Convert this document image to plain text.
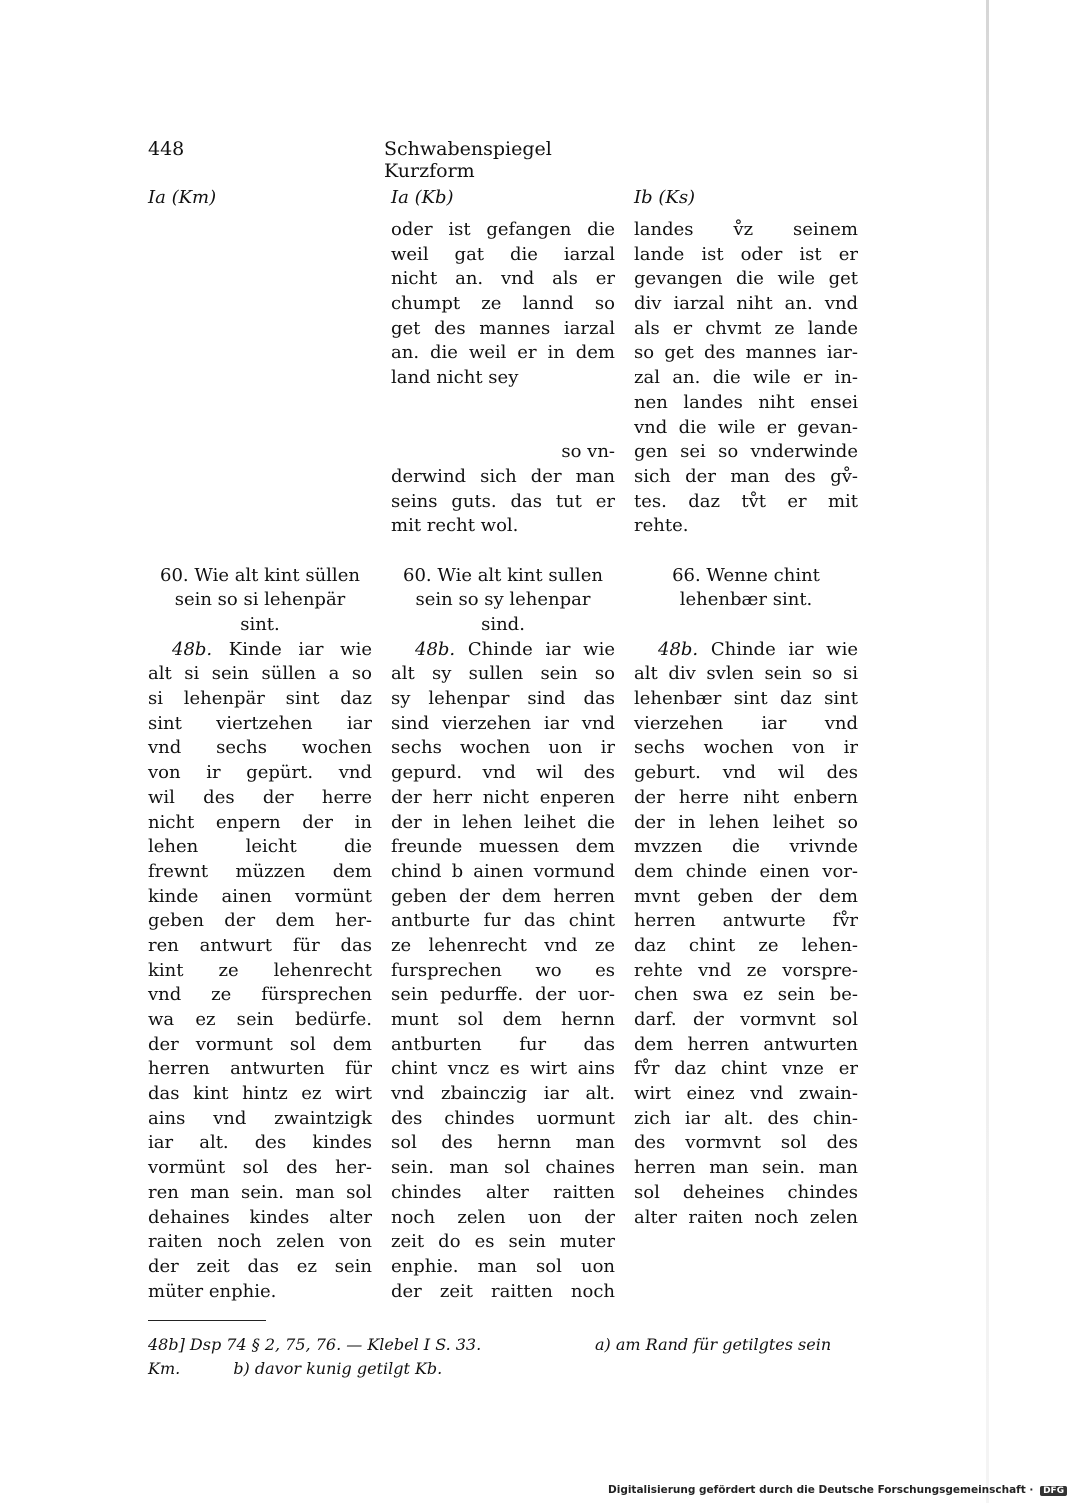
448	Schwabenspiegel Kurzform
Ia (Km)
60. Wie alt kint süllen
sein so si lehenpär
sint.
48b. Kinde iar wie
alt si sein süllen a so
si lehenpär sint daz
sint viertzehen iar
vnd sechs wochen
von ir gepürt. vnd
wil des der herre
nicht enpern der in
lehen leicht die
frewnt müzzen dem
kinde ainen vormünt
geben der dem her-
ren antwurt für das
kint ze lehenrecht
vnd ze fürsprechen
wa ez sein bedürfe.
der vormunt sol dem
herren antwurten für
das kint hintz ez wirt
ains vnd zwaintzigk
iar alt. des kindes
vormünt sol des her-
ren man sein. man sol
dehaines kindes alter
raiten noch zelen von
der zeit das ez sein
müter enphie.
Ia (Kb)
oder ist gefangen die
weil gat die iarzal
nicht an. vnd als er
chumpt ze lannd so
get des mannes iarzal
an. die weil er in dem
land nicht sey
so vn-
derwind sich der man
seins guts. das tut er
mit recht wol.
60. Wie alt kint sullen
sein so sy lehenpar
sind.
48b. Chinde iar wie
alt sy sullen sein so
sy lehenpar sind das
sind vierzehen iar vnd
sechs wochen uon ir
gepurd. vnd wil des
der herr nicht enperen
der in lehen leihet die
freunde muessen dem
chind b ainen vormund
geben der dem herren
antburte fur das chint
ze lehenrecht vnd ze
fursprechen wo es
sein pedurffe. der uor-
munt sol dem hernn
antburten fur das
chint vncz es wirt ains
vnd zbainczig iar alt.
des chindes uormunt
sol des hernn man
sein. man sol chaines
chindes alter raitten
noch zelen uon der
zeit do es sein muter
enphie. man sol uon
der zeit raitten noch
Ib (Ks)
landes v̊z seinem
lande ist oder ist er
gevangen die wile get
div iarzal niht an. vnd
als er chvmt ze lande
so get des mannes iar-
zal an. die wile er in-
nen landes niht ensei
vnd die wile er gevan-
gen sei so vnderwinde
sich der man des gv̊-
tes. daz tv̊t er mit
rehte.
66. Wenne chint
lehenbær sint.
48b. Chinde iar wie
alt div svlen sein so si
lehenbær sint daz sint
vierzehen iar vnd
sechs wochen von ir
geburt. vnd wil des
der herre niht enbern
der in lehen leihet so
mvzzen die vrivnde
dem chinde einen vor-
mvnt geben der dem
herren antwurte fv̊r
daz chint ze lehen-
rehte vnd ze vorspre-
chen swa ez sein be-
darf. der vormvnt sol
dem herren antwurten
fv̊r daz chint vnze er
wirt einez vnd zwain-
zich iar alt. des chin-
des vormvnt sol des
herren man sein. man
sol deheines chindes
alter raiten noch zelen
48b] Dsp 74 § 2, 75, 76. — Klebel I S. 33.	a) am Rand für getilgtes sein
Km.	b) davor kunig getilgt Kb.
Digitalisierung gefördert durch die Deutsche Forschungsgemeinschaft · DFG
